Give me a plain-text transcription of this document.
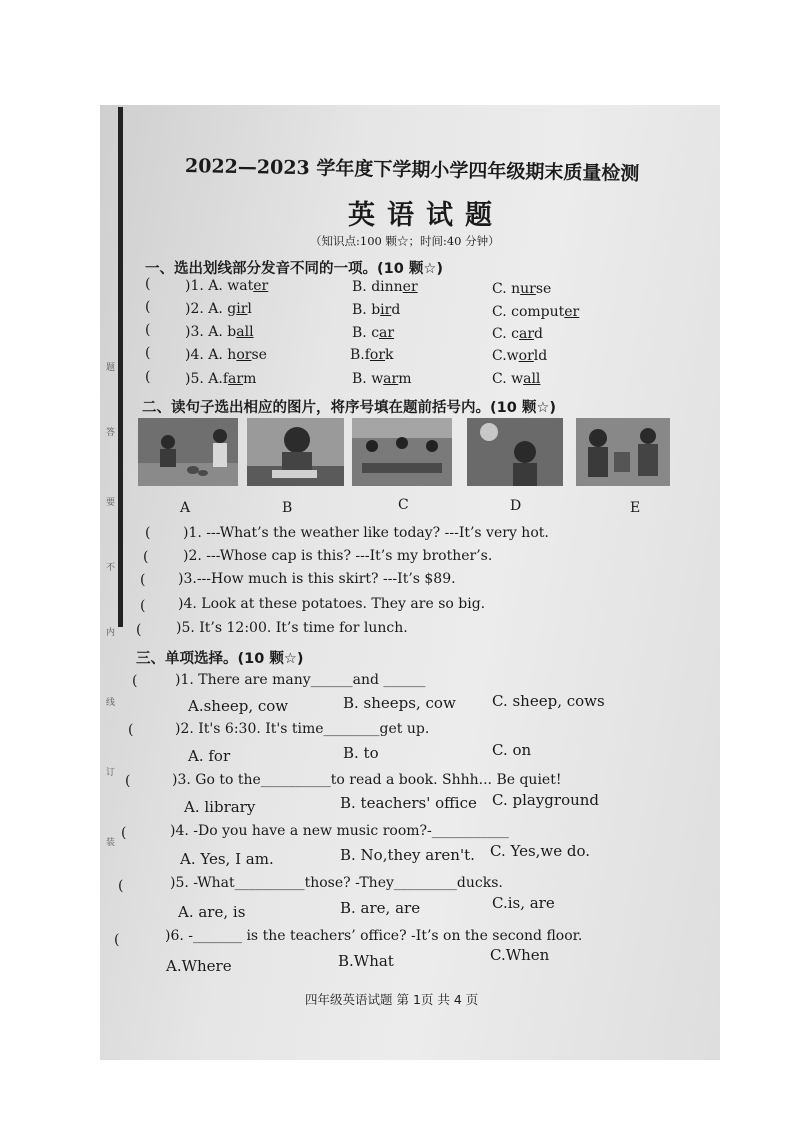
题
答
要
不
内
线
订
装
2022—2023 学年度下学期小学四年级期末质量检测
英语试题
（知识点:100 颗☆；时间:40 分钟）
一、选出划线部分发音不同的一项。(10 颗☆)
( )1. A. water	B. dinner	C. nurse
( )2. A. girl	B. bird	C. computer
( )3. A. ball	B. car	C. card
( )4. A. horse	B.fork	C.world
( )5. A.farm	B. warm	C. wall
二、读句子选出相应的图片，将序号填在题前括号内。(10 颗☆)
A	B	C	D	E
( )1. ---What’s the weather like today? ---It’s very hot.
( )2. ---Whose cap is this? ---It’s my brother’s.
( )3.---How much is this skirt? ---It’s $89.
( )4. Look at these potatoes. They are so big.
( )5. It’s 12:00. It’s time for lunch.
三、单项选择。(10 颗☆)
(	)1. There are many______and ______
A.sheep, cow	B. sheeps, cow C. sheep, cows
(	)2. It's 6:30. It's time________get up.
A. for	B. to	C. on
(	)3. Go to the__________to read a book. Shhh... Be quiet!
A. library	B. teachers' office C. playground
(	)4. -Do you have a new music room?-___________
A. Yes, I am.	B. No,they aren't. C. Yes,we do.
(	)5. -What__________those? -They_________ducks.
A. are, is	B. are, are	C.is, are
(	)6. -_______ is the teachers’ office? -It’s on the second floor.
A.Where	B.What	C.When
四年级英语试题 第 1页 共 4 页
